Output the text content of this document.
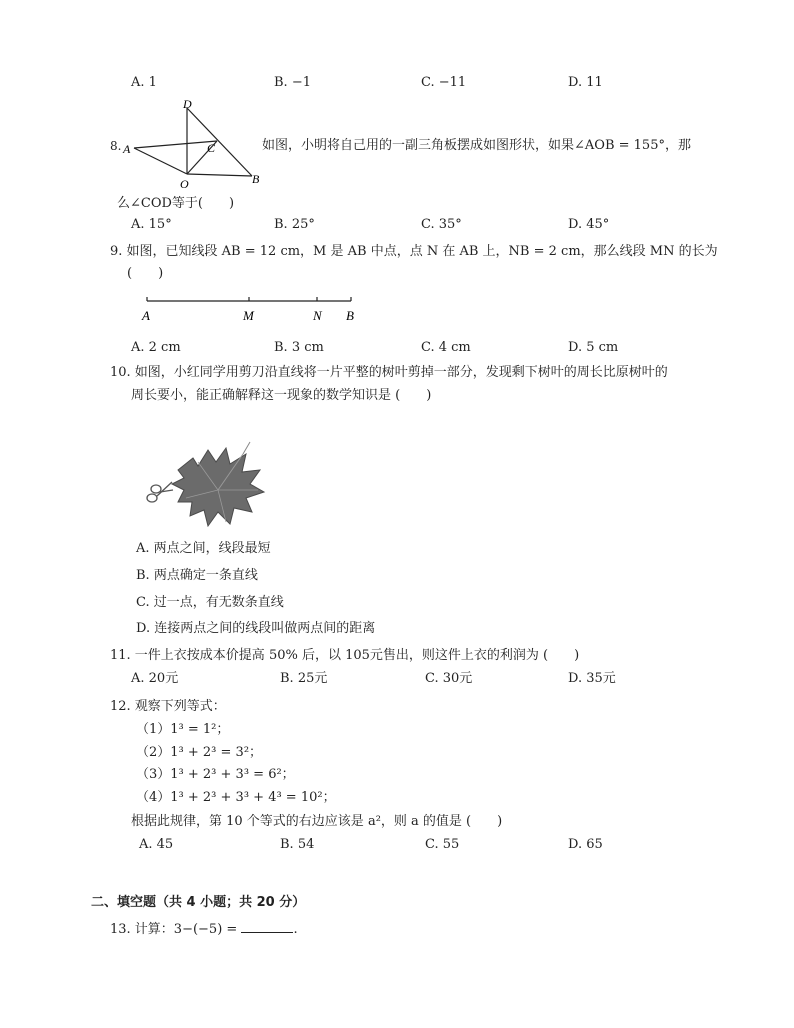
A. 1	B. −1	C. −11	D. 11
8.
D
A	C
O	B
如图，小明将自己用的一副三角板摆成如图形状，如果∠AOB = 155°，那
么∠COD等于(　　)
A. 15°	B. 25°	C. 35°	D. 45°
9. 如图，已知线段 AB = 12 cm，M 是 AB 中点，点 N 在 AB 上，NB = 2 cm，那么线段 MN 的长为
(　　)
A	M	N B
A. 2 cm	B. 3 cm	C. 4 cm	D. 5 cm
10. 如图，小红同学用剪刀沿直线将一片平整的树叶剪掉一部分，发现剩下树叶的周长比原树叶的
周长要小，能正确解释这一现象的数学知识是 (　　)
A. 两点之间，线段最短
B. 两点确定一条直线
C. 过一点，有无数条直线
D. 连接两点之间的线段叫做两点间的距离
11. 一件上衣按成本价提高 50% 后，以 105元售出，则这件上衣的利润为 (　　)
A. 20元	B. 25元	C. 30元	D. 35元
12. 观察下列等式：
（1）1³ = 1²；
（2）1³ + 2³ = 3²；
（3）1³ + 2³ + 3³ = 6²；
（4）1³ + 2³ + 3³ + 4³ = 10²；
根据此规律，第 10 个等式的右边应该是 a²，则 a 的值是 (　　)
A. 45	B. 54	C. 55	D. 65
二、填空题（共 4 小题；共 20 分）
13. 计算：3−(−5) =	.
